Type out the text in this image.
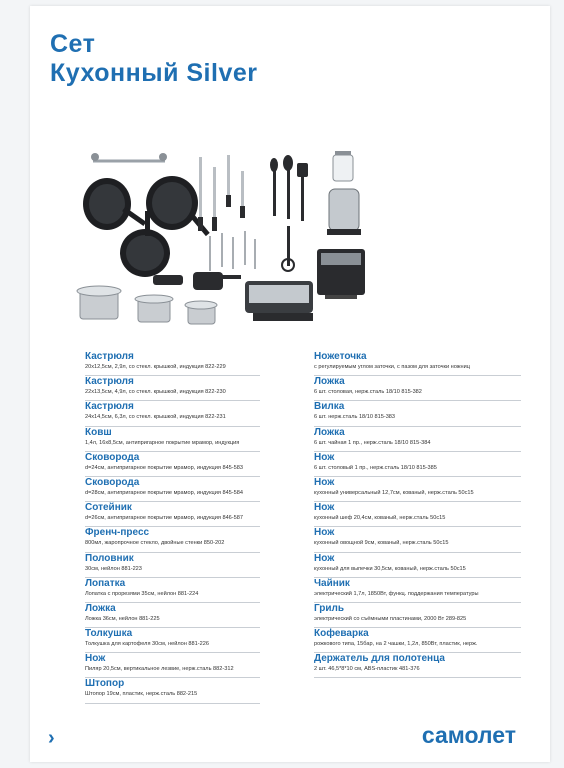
Сет
Кухонный Silver
Кастрюля
20х12,5см, 2,9л, со стекл. крышкой, индукция 822-229
Кастрюля
22х13,5см, 4,9л, со стекл. крышкой, индукция 822-230
Кастрюля
24х14,5см, 6,3л, со стекл. крышкой, индукция 822-231
Ковш
1,4л, 16х8,5см, антипригарное покрытие мрамор, индукция
Сковорода
d=24см, антипригарное покрытие мрамор, индукция 845-583
Сковорода
d=28см, антипригарное покрытие мрамор, индукция 845-584
Сотейник
d=26см, антипригарное покрытие мрамор, индукция 846-587
Френч-пресс
800мл, жаропрочное стекло, двойные стенки 850-202
Половник
30см, нейлон 881-223
Лопатка
Лопатка с прорезями 35см, нейлон 881-224
Ложка
Ложка 36см, нейлон 881-225
Толкушка
Толкушка для картофеля 30см, нейлон 881-226
Нож
Пиляр 20,5см, вертикальное лезвие, нерж.сталь 882-312
Штопор
Штопор 19см, пластик, нерж.сталь 882-215
Ножеточка
с регулируемым углом заточки, с пазом для заточки ножниц
Ложка
6 шт. столовая, нерж.сталь 18/10 815-382
Вилка
6 шт. нерж.сталь 18/10 815-383
Ложка
6 шт. чайная 1 пр., нерж.сталь 18/10 815-384
Нож
6 шт. столовый 1 пр., нерж.сталь 18/10 815-385
Нож
кухонный универсальный 12,7см, кованый, нерж.сталь 50с15
Нож
кухонный шеф 20,4см, кованый, нерж.сталь 50с15
Нож
кухонный овощной 9см, кованый, нерж.сталь 50с15
Нож
кухонный для выпечки 30,5см, кованый, нерж.сталь 50с15
Чайник
электрический 1,7л, 1850Вт, функц. поддержания температуры
Гриль
электрический со съёмными пластинами, 2000 Вт 289-825
Кофеварка
рожкового типа, 15бар, на 2 чашки, 1,2л, 850Вт, пластик, нерж.
Держатель для полотенца
2 шт. 46,5*8*10 см, АВS-пластик 481-376
›	самолет
